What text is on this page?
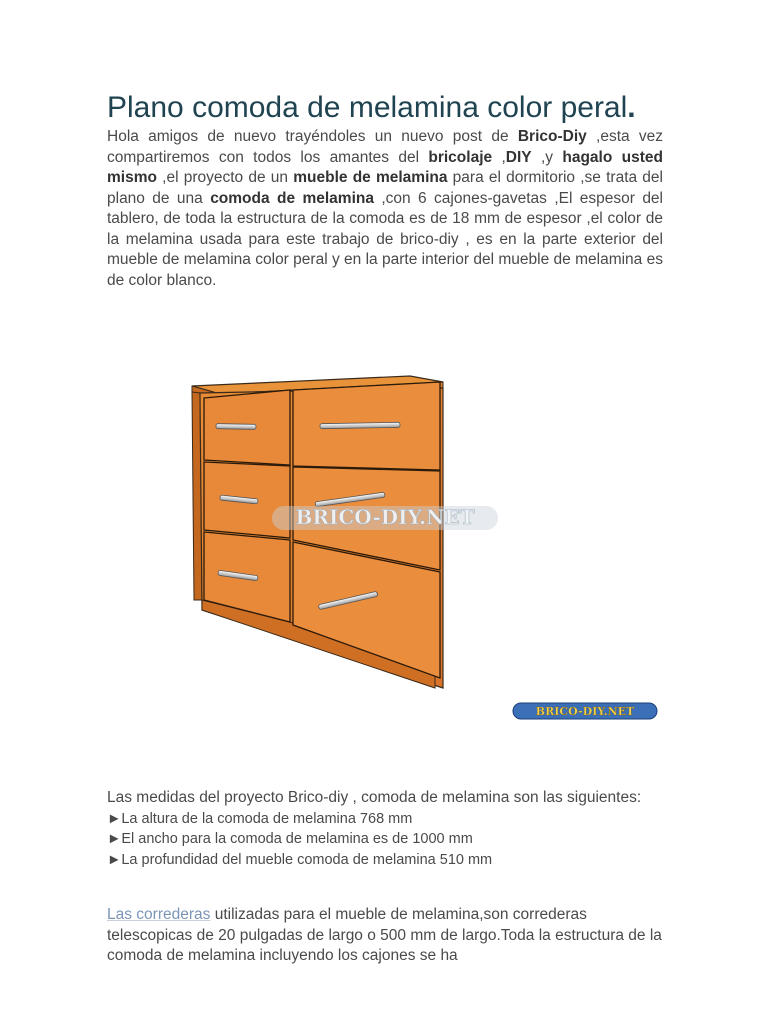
Plano comoda de melamina color peral.

Hola amigos de nuevo trayéndoles un nuevo post de Brico-Diy ,esta vez compartiremos con todos los amantes del bricolaje ,DIY ,y hagalo usted mismo ,el proyecto de un mueble de melamina para el dormitorio ,se trata del plano de una comoda de melamina ,con 6 cajones-gavetas ,El espesor del tablero, de toda la estructura de la comoda es de 18 mm de espesor ,el color de la melamina usada para este trabajo de brico-diy , es en la parte exterior del mueble de melamina color peral y en la parte interior del mueble de melamina es de color blanco.

BRICO-DIY.NET
BRICO-DIY.NET
Las medidas del proyecto Brico-diy , comoda de melamina son las siguientes:
►La altura de la comoda de melamina 768 mm
►El ancho para la comoda de melamina es de 1000 mm
►La profundidad del mueble comoda de melamina 510 mm

Las correderas utilizadas para el mueble de melamina,son correderas telescopicas de 20 pulgadas de largo o 500 mm de largo.Toda la estructura de la comoda de melamina incluyendo los cajones se ha
